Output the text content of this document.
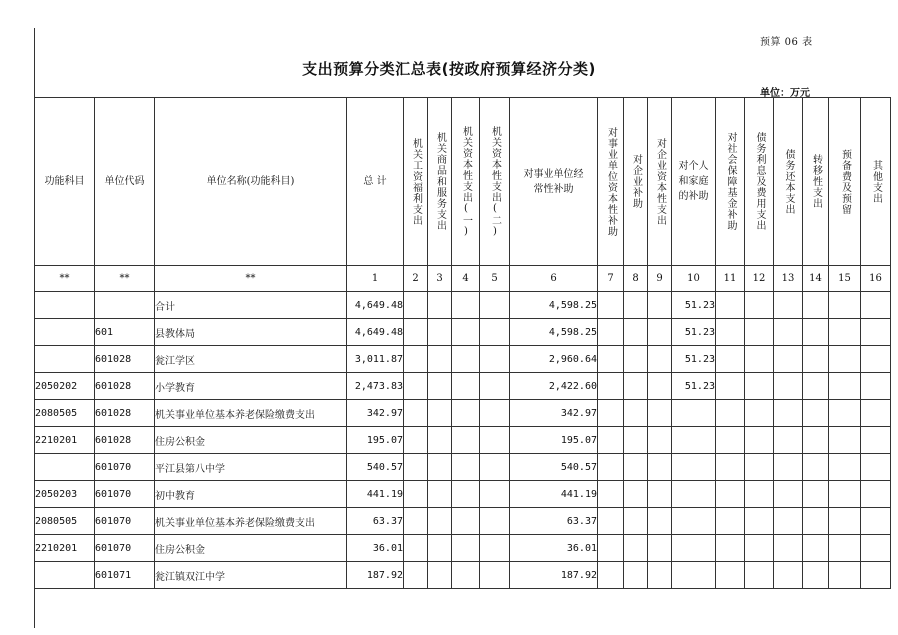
预算 06 表
支出预算分类汇总表(按政府预算经济分类)
单位：万元
功能科目	单位代码	单位名称(功能科目)	总 计	机关工资福利支出	机关商品和服务支出	机关资本性支出(一)	机关资本性支出(二)	对事业单位经常性补助	对事业单位资本性补助	对企业补助	对企业资本性支出	对个人和家庭的补助	对社会保障基金补助	债务利息及费用支出	债务还本支出	转移性支出	预备费及预留	其他支出

**	**	**	1	2	3	4	5	6	7	8	9	10	11	12	13	14	15	16
		合计	4,649.48					4,598.25				51.23						
	601	县教体局	4,649.48					4,598.25				51.23						
	601028	瓮江学区	3,011.87					2,960.64				51.23						
2050202	601028	小学教育	2,473.83					2,422.60				51.23						
2080505	601028	机关事业单位基本养老保险缴费支出	342.97					342.97										
2210201	601028	住房公积金	195.07					195.07										
	601070	平江县第八中学	540.57					540.57										
2050203	601070	初中教育	441.19					441.19										
2080505	601070	机关事业单位基本养老保险缴费支出	63.37					63.37										
2210201	601070	住房公积金	36.01					36.01										
	601071	瓮江镇双江中学	187.92					187.92										
